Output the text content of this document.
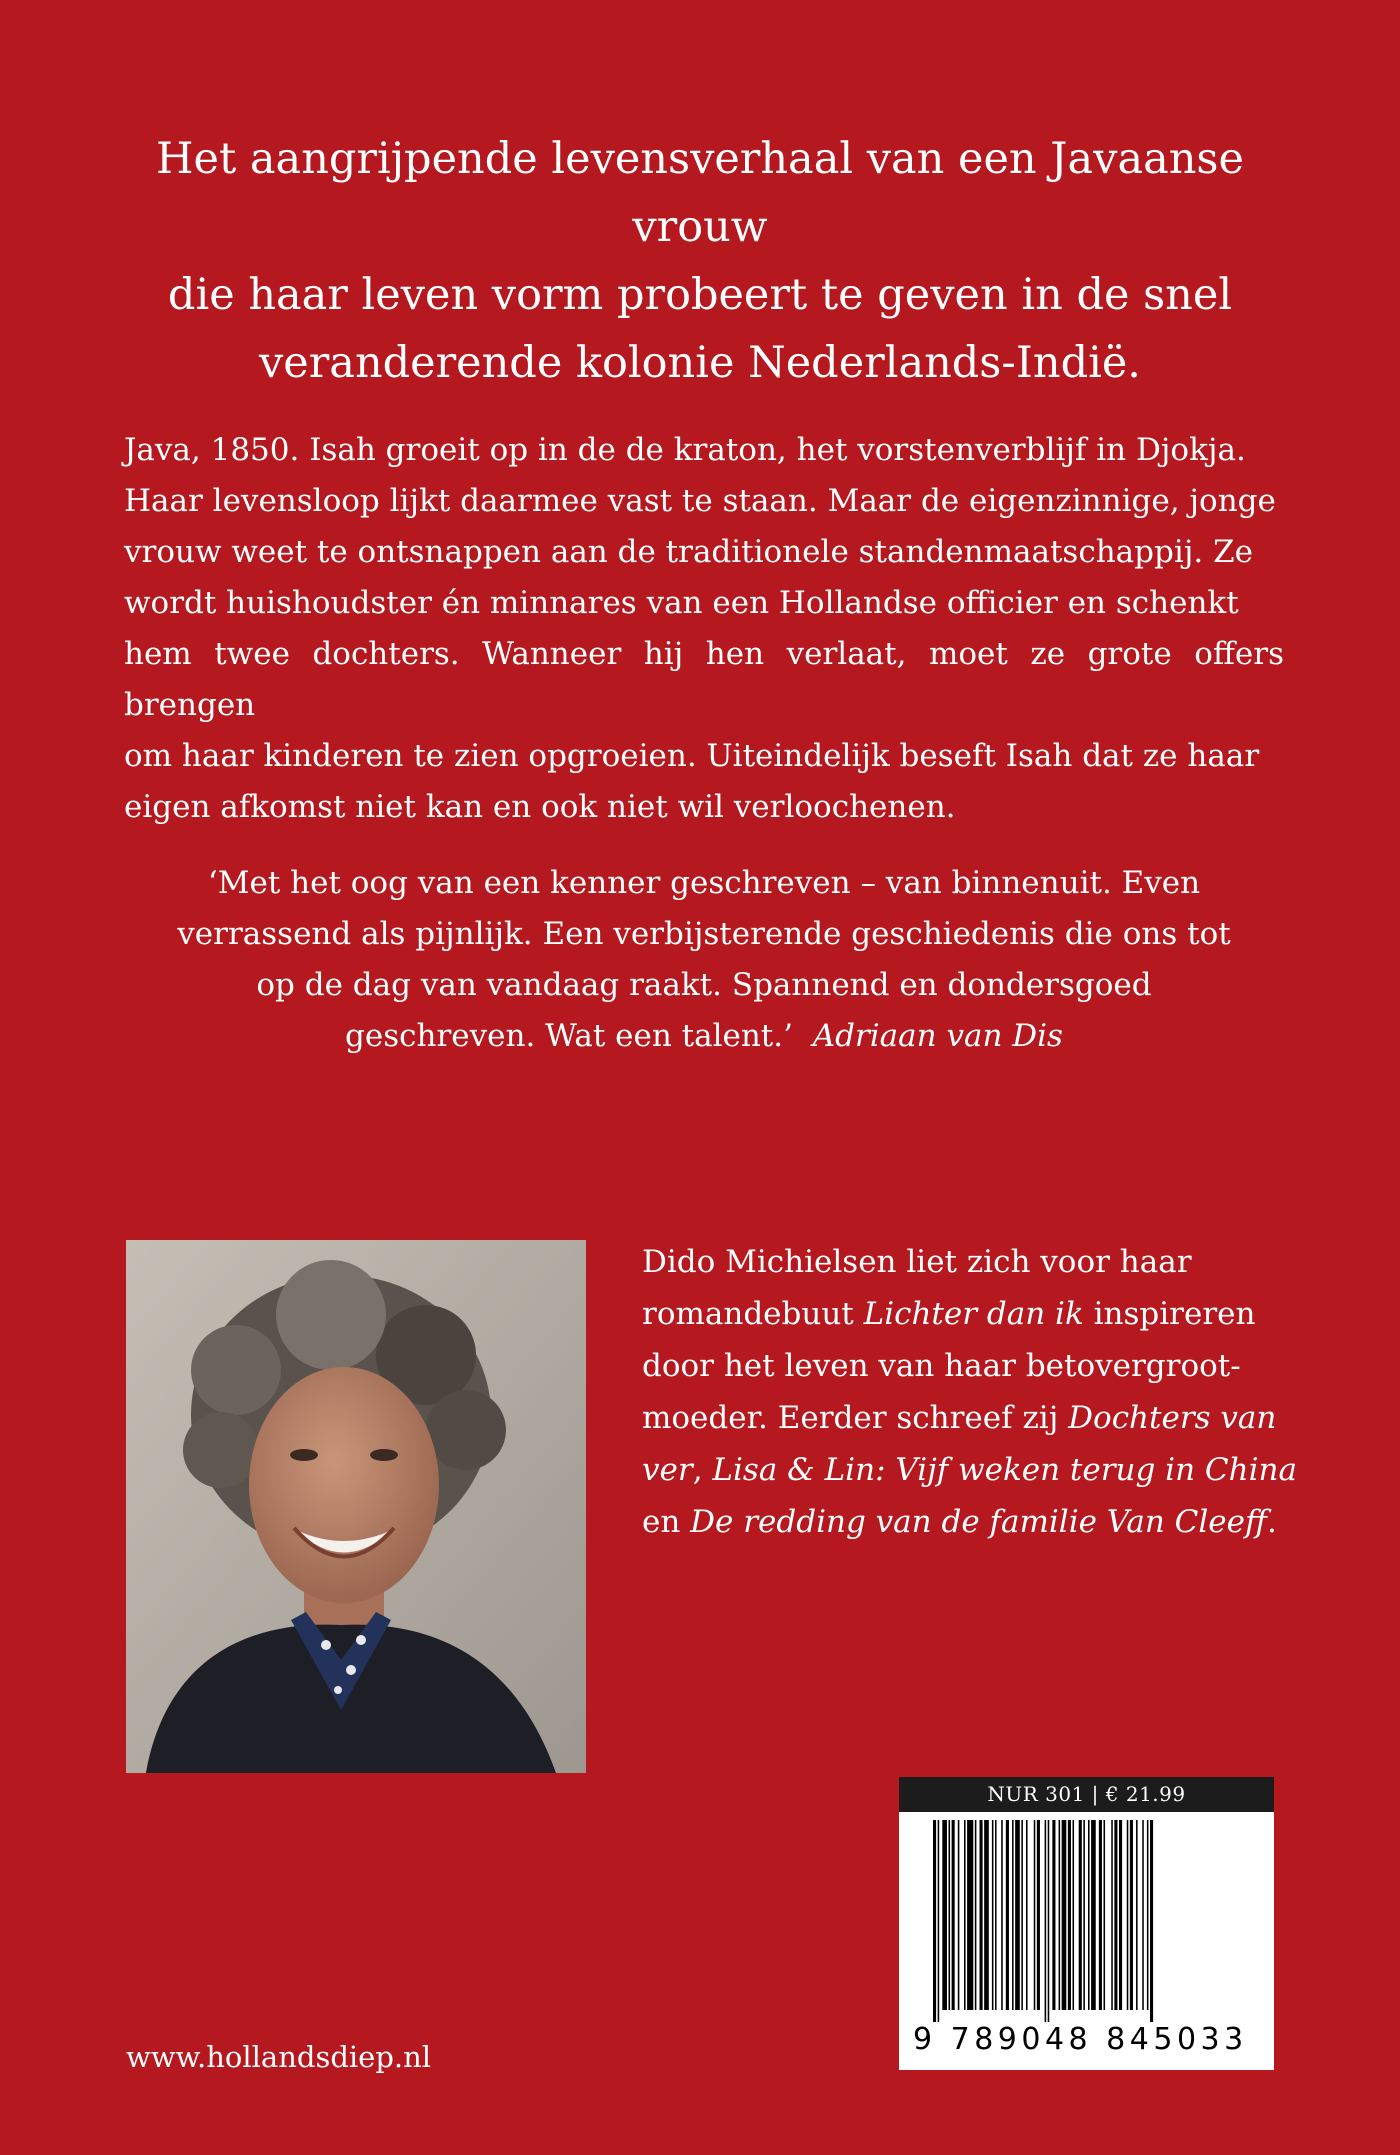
Het aangrijpende levensverhaal van een Javaanse vrouw
die haar leven vorm probeert te geven in de snel
veranderende kolonie Nederlands-Indië.
Java, 1850. Isah groeit op in de de kraton, het vorstenverblijf in Djokja.
Haar levensloop lijkt daarmee vast te staan. Maar de eigenzinnige, jonge
vrouw weet te ontsnappen aan de traditionele standenmaatschappij. Ze
wordt huishoudster én minnares van een Hollandse officier en schenkt
hem twee dochters. Wanneer hij hen verlaat, moet ze grote offers brengen
om haar kinderen te zien opgroeien. Uiteindelijk beseft Isah dat ze haar
eigen afkomst niet kan en ook niet wil verloochenen.
‘Met het oog van een kenner geschreven – van binnenuit. Even
verrassend als pijnlijk. Een verbijsterende geschiedenis die ons tot
op de dag van vandaag raakt. Spannend en dondersgoed
geschreven. Wat een talent.’ Adriaan van Dis
Dido Michielsen liet zich voor haar
romandebuut Lichter dan ik inspireren
door het leven van haar betovergroot-
moeder. Eerder schreef zij Dochters van
ver, Lisa & Lin: Vijf weken terug in China
en De redding van de familie Van Cleeff.
NUR 301 | € 21.99
9 789048 845033
www.hollandsdiep.nl
